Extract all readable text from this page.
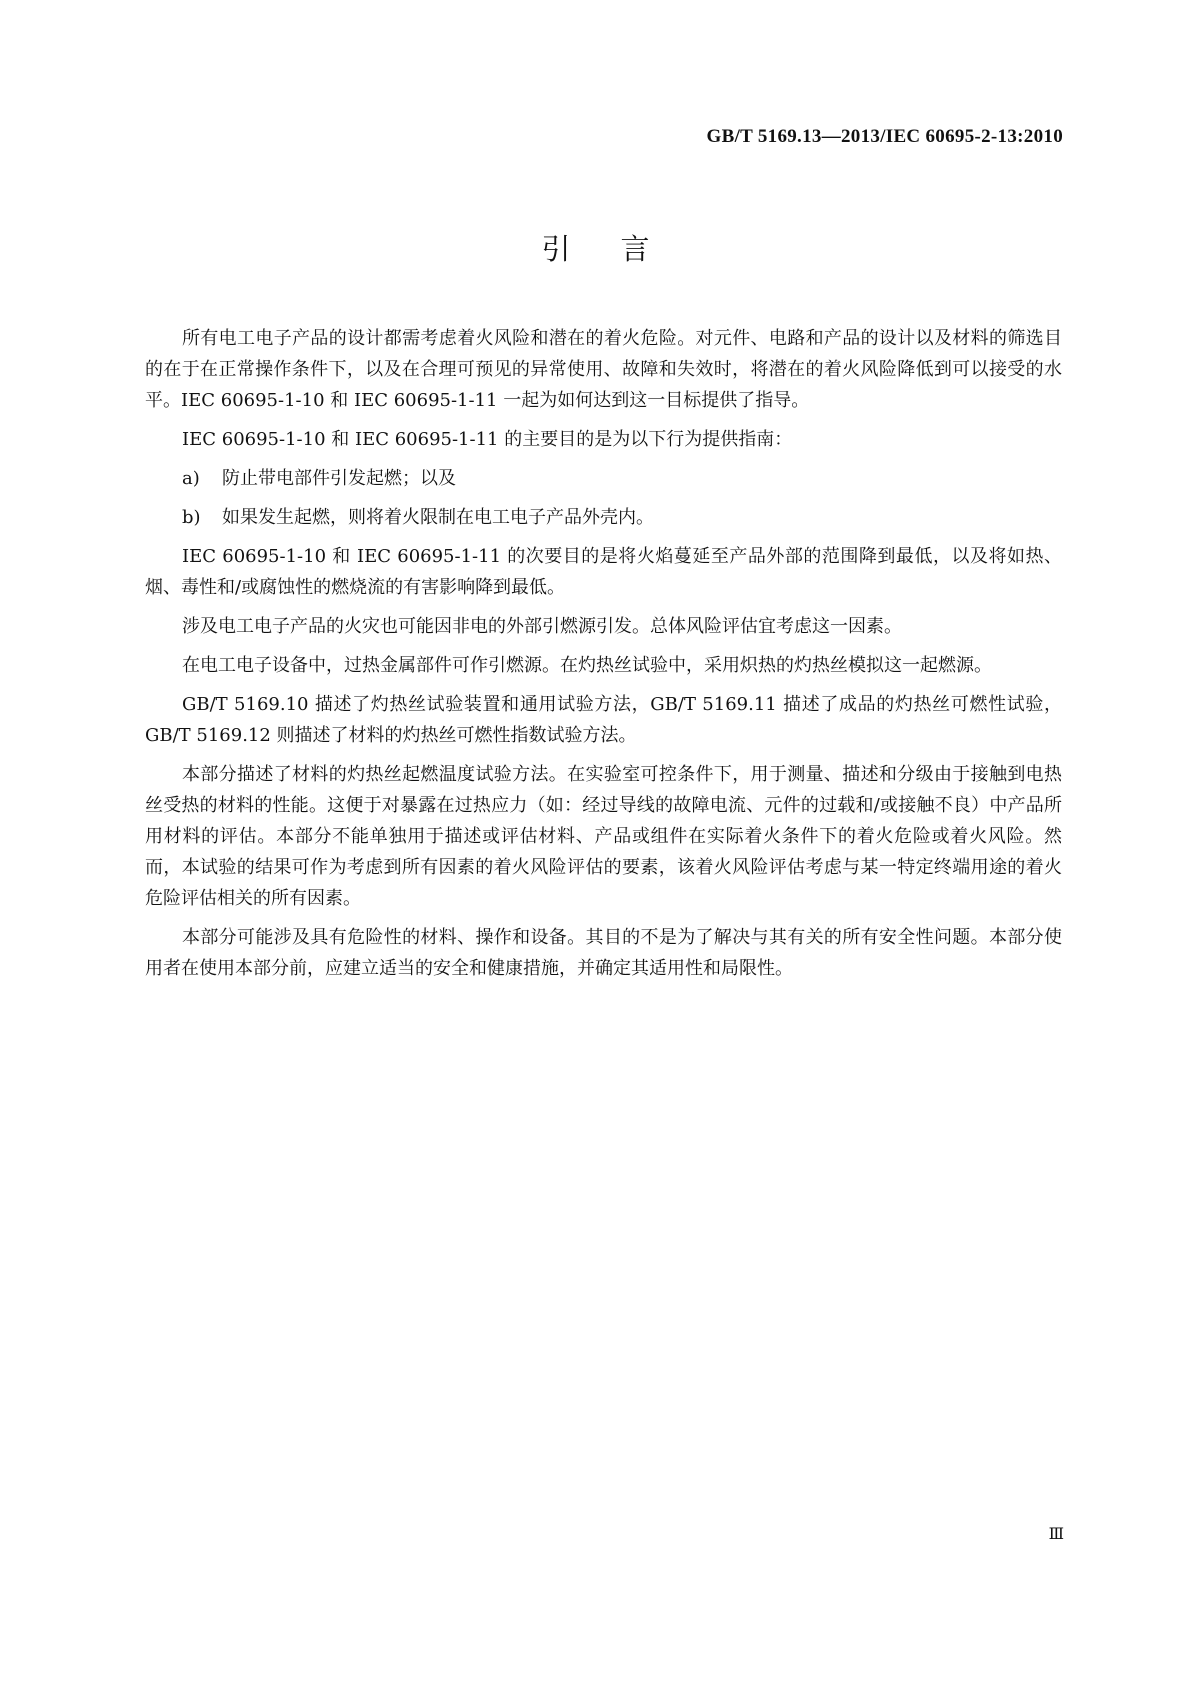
GB/T 5169.13—2013/IEC 60695-2-13:2010
引言

所有电工电子产品的设计都需考虑着火风险和潜在的着火危险。对元件、电路和产品的设计以及材料的筛选目的在于在正常操作条件下，以及在合理可预见的异常使用、故障和失效时，将潜在的着火风险降低到可以接受的水平。IEC 60695-1-10 和 IEC 60695-1-11 一起为如何达到这一目标提供了指导。

IEC 60695-1-10 和 IEC 60695-1-11 的主要目的是为以下行为提供指南：

a) 防止带电部件引发起燃；以及

b) 如果发生起燃，则将着火限制在电工电子产品外壳内。

IEC 60695-1-10 和 IEC 60695-1-11 的次要目的是将火焰蔓延至产品外部的范围降到最低，以及将如热、烟、毒性和/或腐蚀性的燃烧流的有害影响降到最低。

涉及电工电子产品的火灾也可能因非电的外部引燃源引发。总体风险评估宜考虑这一因素。

在电工电子设备中，过热金属部件可作引燃源。在灼热丝试验中，采用炽热的灼热丝模拟这一起燃源。

GB/T 5169.10 描述了灼热丝试验装置和通用试验方法，GB/T 5169.11 描述了成品的灼热丝可燃性试验，GB/T 5169.12 则描述了材料的灼热丝可燃性指数试验方法。

本部分描述了材料的灼热丝起燃温度试验方法。在实验室可控条件下，用于测量、描述和分级由于接触到电热丝受热的材料的性能。这便于对暴露在过热应力（如：经过导线的故障电流、元件的过载和/或接触不良）中产品所用材料的评估。本部分不能单独用于描述或评估材料、产品或组件在实际着火条件下的着火危险或着火风险。然而，本试验的结果可作为考虑到所有因素的着火风险评估的要素，该着火风险评估考虑与某一特定终端用途的着火危险评估相关的所有因素。

本部分可能涉及具有危险性的材料、操作和设备。其目的不是为了解决与其有关的所有安全性问题。本部分使用者在使用本部分前，应建立适当的安全和健康措施，并确定其适用性和局限性。

Ⅲ
